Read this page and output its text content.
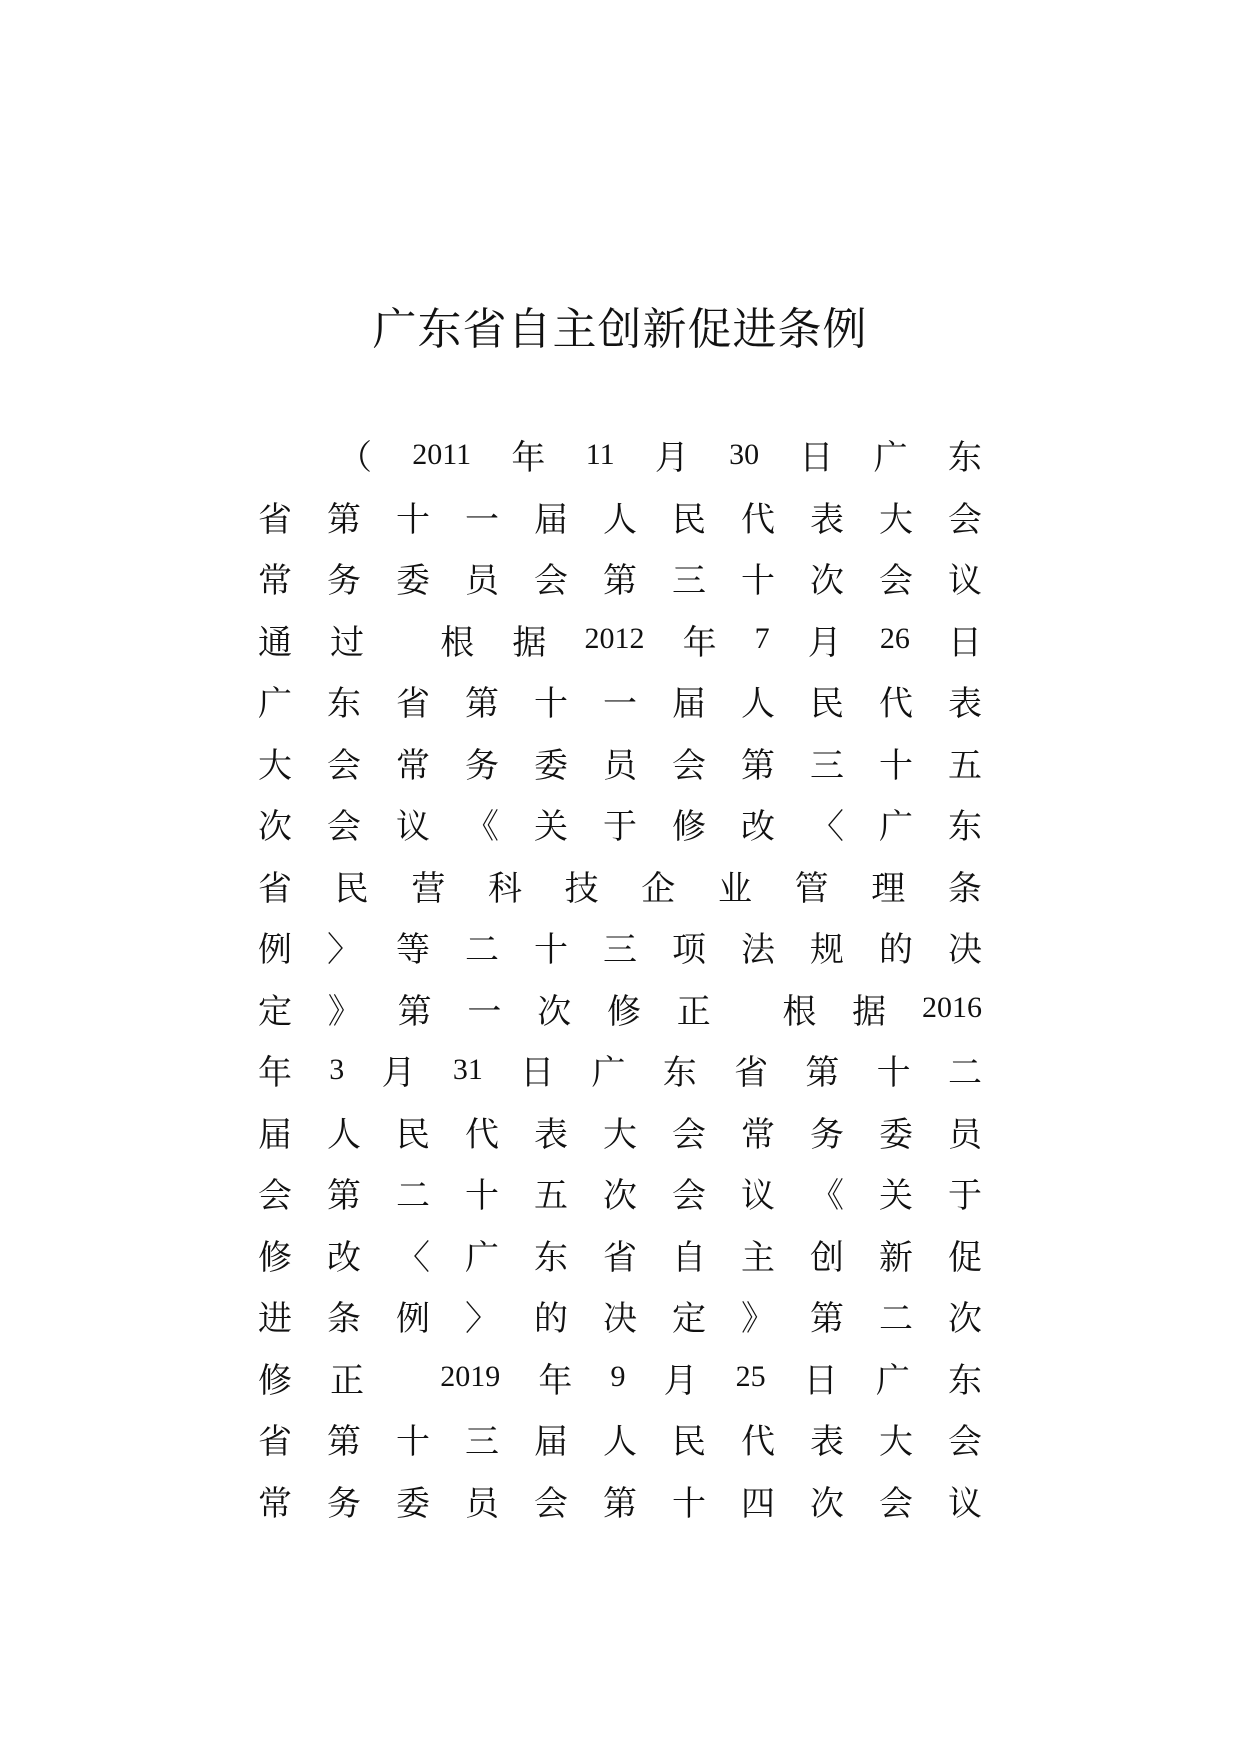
广东省自主创新促进条例
（ 2011 年 11 月 30 日 广 东
省 第 十 一 届 人 民 代 表 大 会
常 务 委 员 会 第 三 十 次 会 议
通 过 根 据 2012 年 7 月 26 日
广 东 省 第 十 一 届 人 民 代 表
大 会 常 务 委 员 会 第 三 十 五
次 会 议 《 关 于 修 改 〈 广 东
省 民 营 科 技 企 业 管 理 条
例 〉 等 二 十 三 项 法 规 的 决
定 》 第 一 次 修 正 根 据 2016
年 3 月 31 日 广 东 省 第 十 二
届 人 民 代 表 大 会 常 务 委 员
会 第 二 十 五 次 会 议 《 关 于
修 改 〈 广 东 省 自 主 创 新 促
进 条 例 〉 的 决 定 》 第 二 次
修 正	2019 年 9 月 25 日 广 东
省 第 十 三 届 人 民 代 表 大 会
常 务 委 员 会 第 十 四 次 会 议
